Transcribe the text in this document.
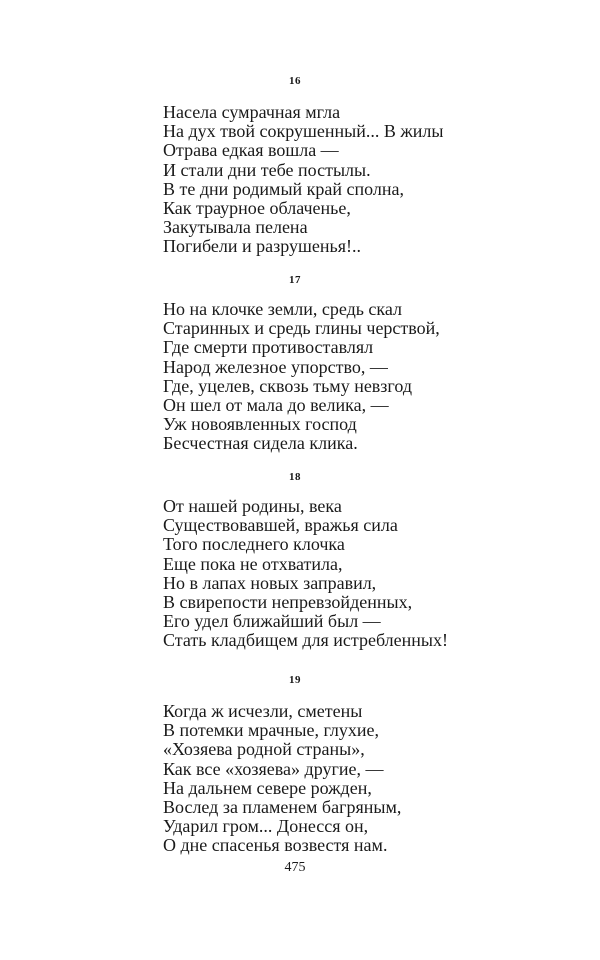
16

Насела сумрачная мгла

На дух твой сокрушенный... В жилы

Отрава едкая вошла —

И стали дни тебе постылы.

В те дни родимый край сполна,

Как траурное облаченье,

Закутывала пелена

Погибели и разрушенья!..

17

Но на клочке земли, средь скал

Старинных и средь глины черствой,

Где смерти противоставлял

Народ железное упорство, —

Где, уцелев, сквозь тьму невзгод

Он шел от мала до велика, —

Уж новоявленных господ

Бесчестная сидела клика.

18

От нашей родины, века

Существовавшей, вражья сила

Того последнего клочка

Еще пока не отхватила,

Но в лапах новых заправил,

В свирепости непревзойденных,

Его удел ближайший был —

Стать кладбищем для истребленных!

19

Когда ж исчезли, сметены

В потемки мрачные, глухие,

«Хозяева родной страны»,

Как все «хозяева» другие, —

На дальнем севере рожден,

Вослед за пламенем багряным,

Ударил гром... Донесся он,

О дне спасенья возвестя нам.

475
